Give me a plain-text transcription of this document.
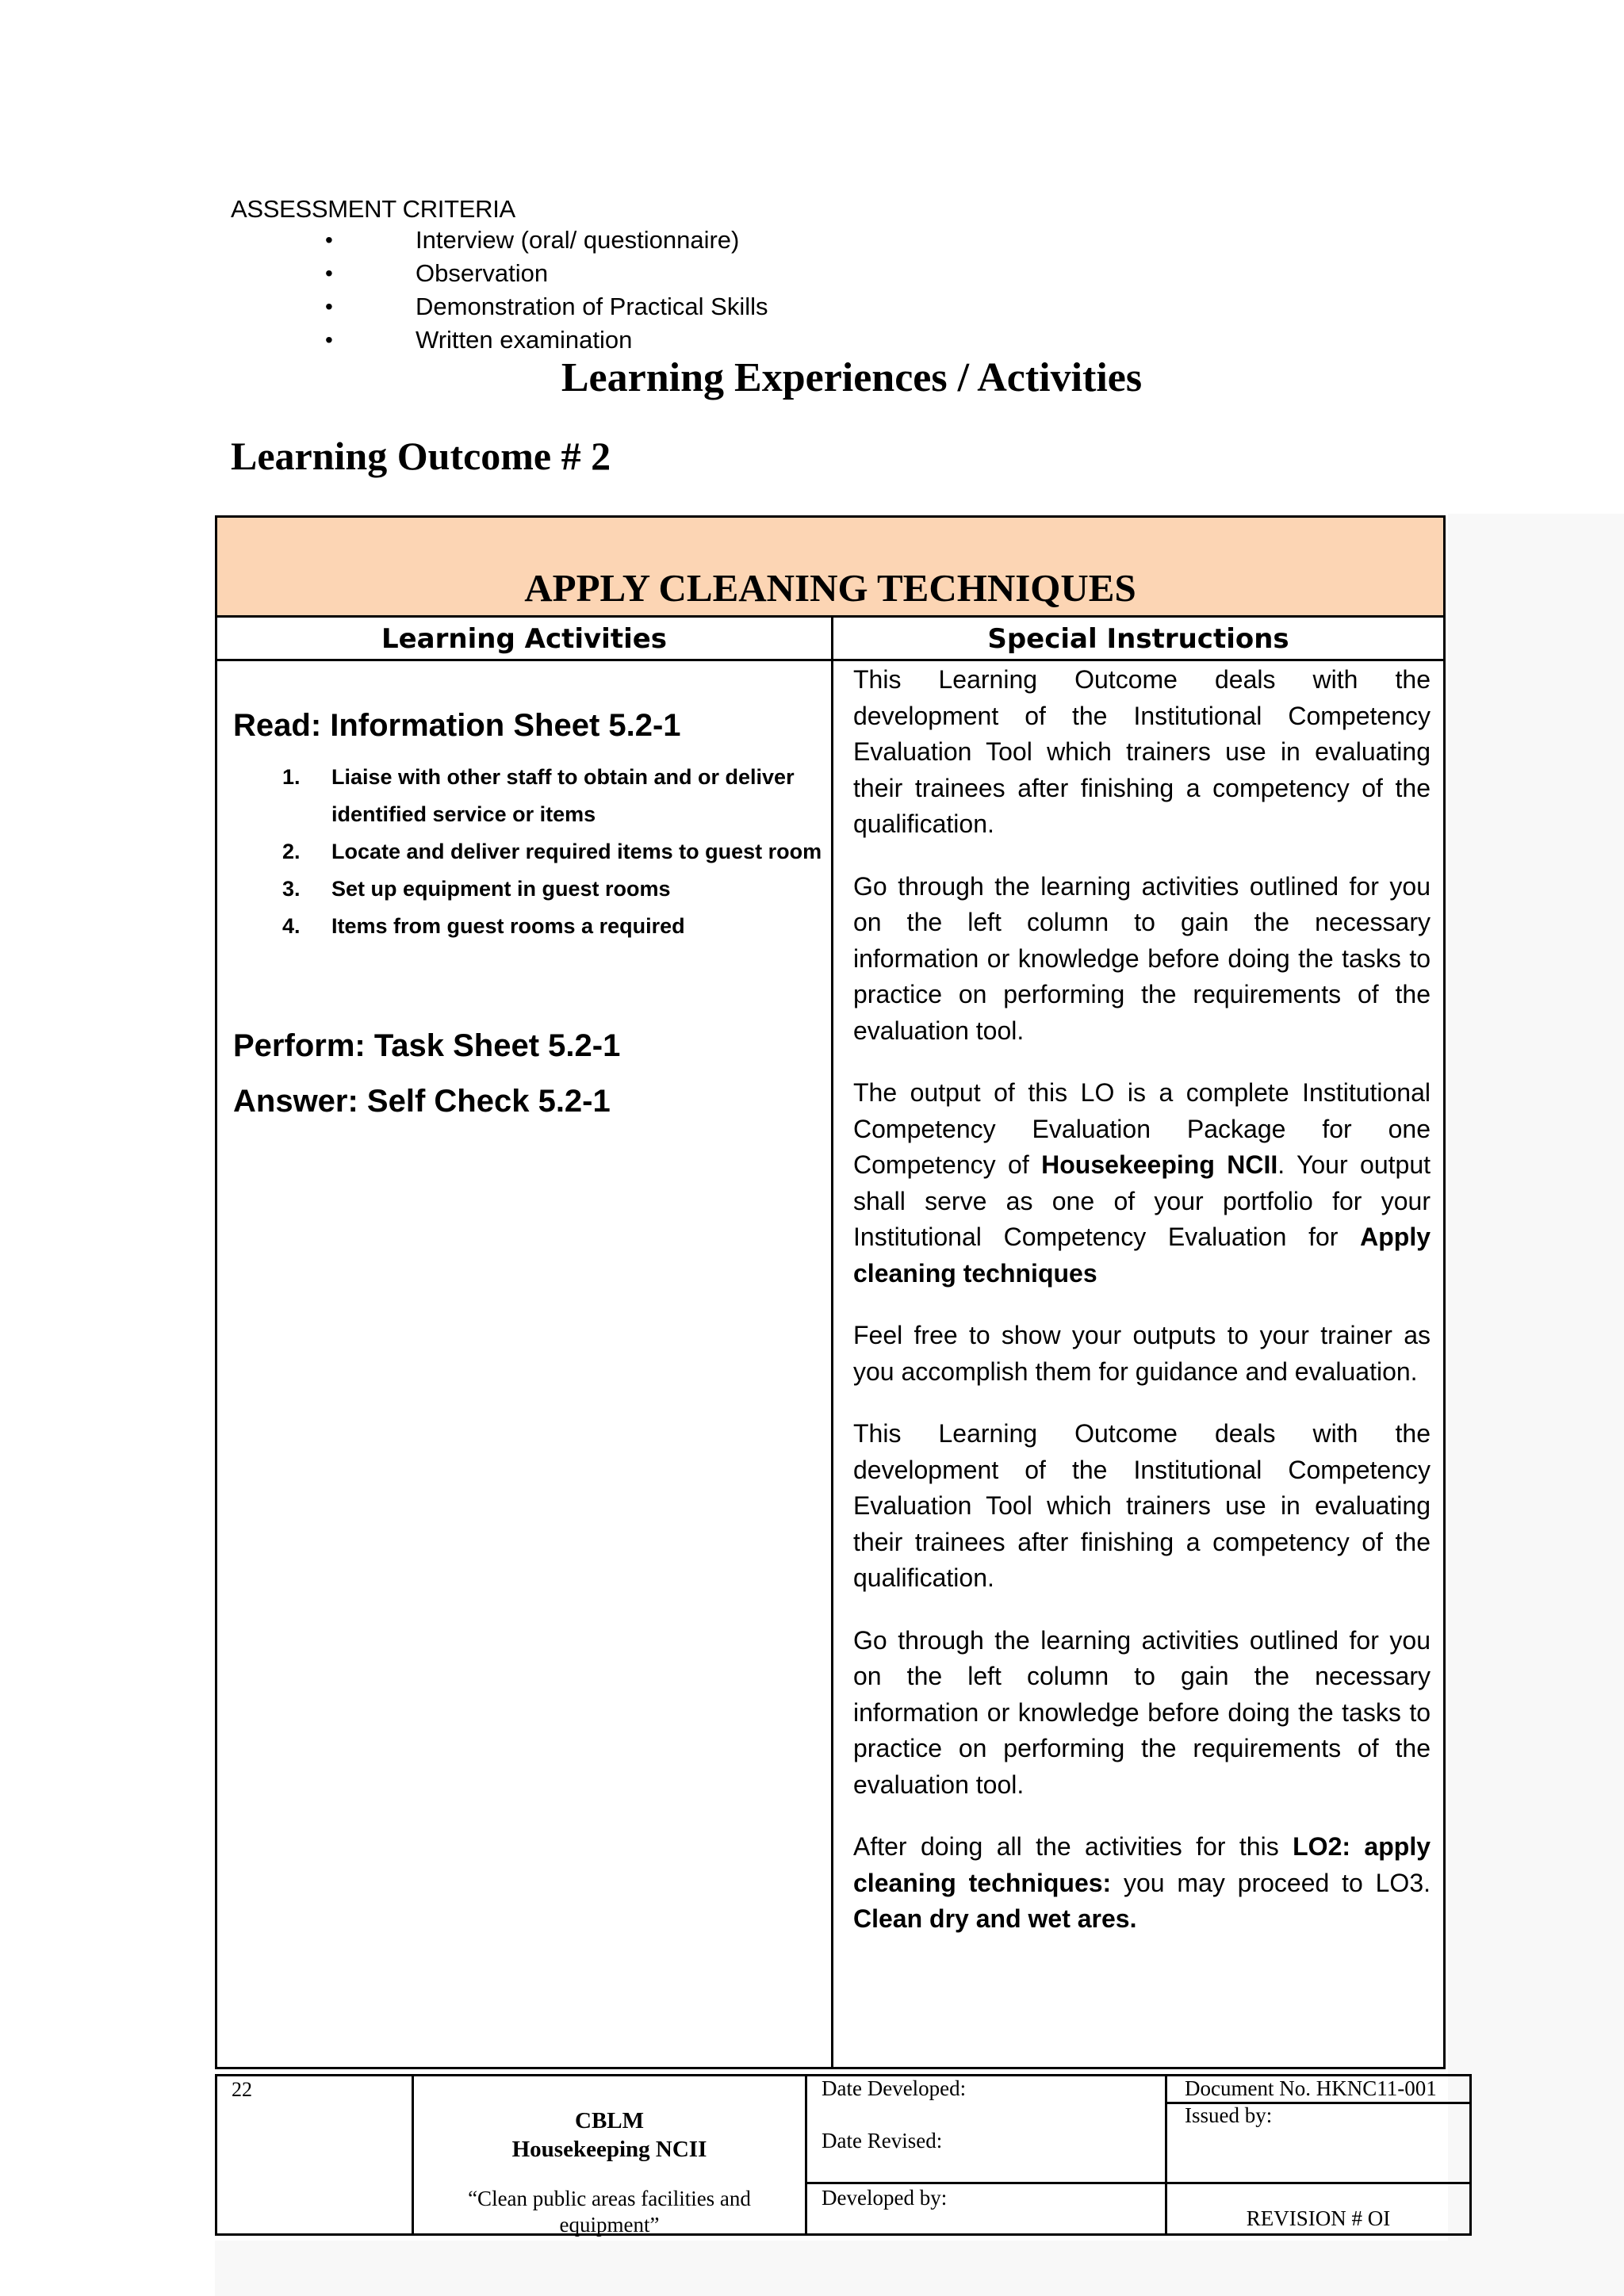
ASSESSMENT CRITERIA
•	Interview (oral/ questionnaire)
•	Observation
•	Demonstration of Practical Skills
•	Written examination
Learning Experiences / Activities
Learning Outcome # 2
APPLY CLEANING TECHNIQUES
Learning Activities	Special Instructions
Read: Information Sheet 5.2-1
1. Liaise with other staff to obtain and or deliver identified service or items
2. Locate and deliver required items to guest room
3. Set up equipment in guest rooms
4. Items from guest rooms a required
Perform: Task Sheet 5.2-1
Answer: Self Check 5.2-1

This Learning Outcome deals with the development of the Institutional Competency Evaluation Tool which trainers use in evaluating their trainees after finishing a competency of the qualification.

Go through the learning activities outlined for you on the left column to gain the necessary information or knowledge before doing the tasks to practice on performing the requirements of the evaluation tool.

The output of this LO is a complete Institutional Competency Evaluation Package for one Competency of Housekeeping NCII. Your output shall serve as one of your portfolio for your Institutional Competency Evaluation for Apply cleaning techniques

Feel free to show your outputs to your trainer as you accomplish them for guidance and evaluation.

This Learning Outcome deals with the development of the Institutional Competency Evaluation Tool which trainers use in evaluating their trainees after finishing a competency of the qualification.

Go through the learning activities outlined for you on the left column to gain the necessary information or knowledge before doing the tasks to practice on performing the requirements of the evaluation tool.

After doing all the activities for this LO2: apply cleaning techniques: you may proceed to LO3. Clean dry and wet ares.

22
CBLM
Housekeeping NCII
“Clean public areas facilities and equipment”
Date Developed:
Date Revised:
Developed by:
Document No. HKNC11-001
Issued by:
REVISION # OI
